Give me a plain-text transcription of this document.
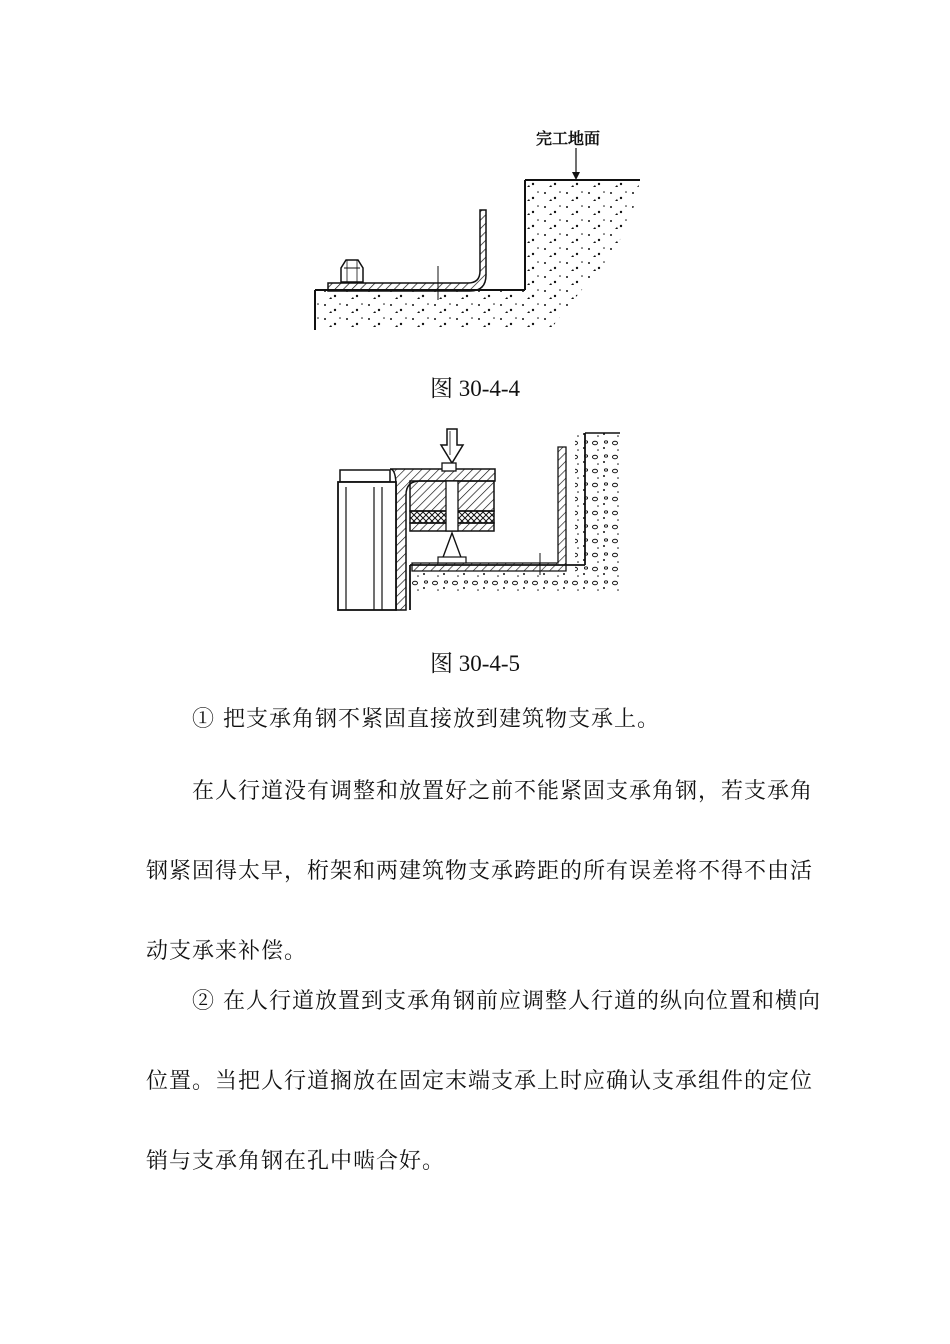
完工地面
图 30-4-4
图 30-4-5

① 把支承角钢不紧固直接放到建筑物支承上。

在人行道没有调整和放置好之前不能紧固支承角钢，若支承角钢紧固得太早，桁架和两建筑物支承跨距的所有误差将不得不由活动支承来补偿。

② 在人行道放置到支承角钢前应调整人行道的纵向位置和横向位置。当把人行道搁放在固定末端支承上时应确认支承组件的定位销与支承角钢在孔中啮合好。
